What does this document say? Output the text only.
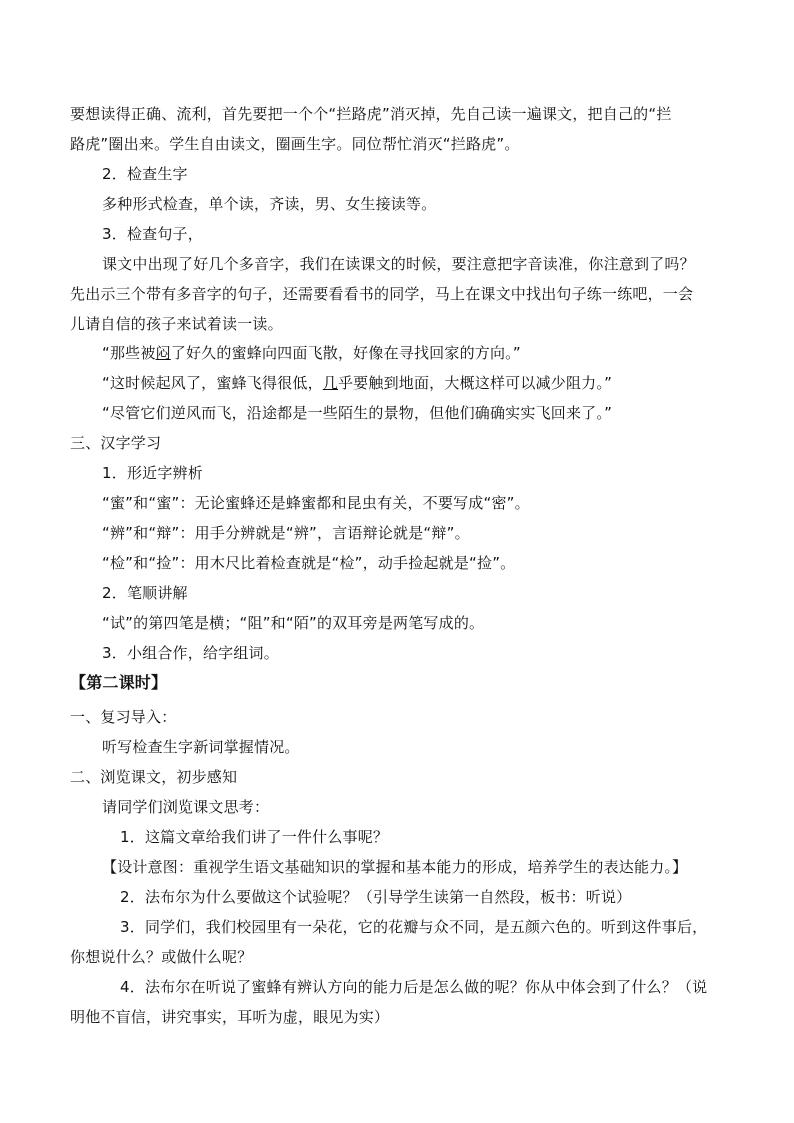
要想读得正确、流利，首先要把一个个“拦路虎”消灭掉，先自己读一遍课文，把自己的“拦
路虎”圈出来。学生自由读文，圈画生字。同位帮忙消灭“拦路虎”。
2．检查生字
多种形式检查，单个读，齐读，男、女生接读等。
3．检查句子，
课文中出现了好几个多音字，我们在读课文的时候，要注意把字音读准，你注意到了吗？
先出示三个带有多音字的句子，还需要看看书的同学，马上在课文中找出句子练一练吧，一会
儿请自信的孩子来试着读一读。
“那些被闷了好久的蜜蜂向四面飞散，好像在寻找回家的方向。”
“这时候起风了，蜜蜂飞得很低，几乎要触到地面，大概这样可以减少阻力。”
“尽管它们逆风而飞，沿途都是一些陌生的景物，但他们确确实实飞回来了。”
三、汉字学习
1．形近字辨析
“蜜”和“蜜”：无论蜜蜂还是蜂蜜都和昆虫有关，不要写成“密”。
“辨”和“辩”：用手分辨就是“辨”，言语辩论就是“辩”。
“检”和“捡”：用木尺比着检查就是“检”，动手捡起就是“捡”。
2．笔顺讲解
“试”的第四笔是横；“阻”和“陌”的双耳旁是两笔写成的。
3．小组合作，给字组词。
【第二课时】
一、复习导入：
听写检查生字新词掌握情况。
二、浏览课文，初步感知
请同学们浏览课文思考：
1．这篇文章给我们讲了一件什么事呢？
【设计意图：重视学生语文基础知识的掌握和基本能力的形成，培养学生的表达能力。】
2．法布尔为什么要做这个试验呢？（引导学生读第一自然段，板书：听说）
3．同学们，我们校园里有一朵花，它的花瓣与众不同，是五颜六色的。听到这件事后，
你想说什么？或做什么呢？
4．法布尔在听说了蜜蜂有辨认方向的能力后是怎么做的呢？你从中体会到了什么？（说
明他不盲信，讲究事实，耳听为虚，眼见为实）
